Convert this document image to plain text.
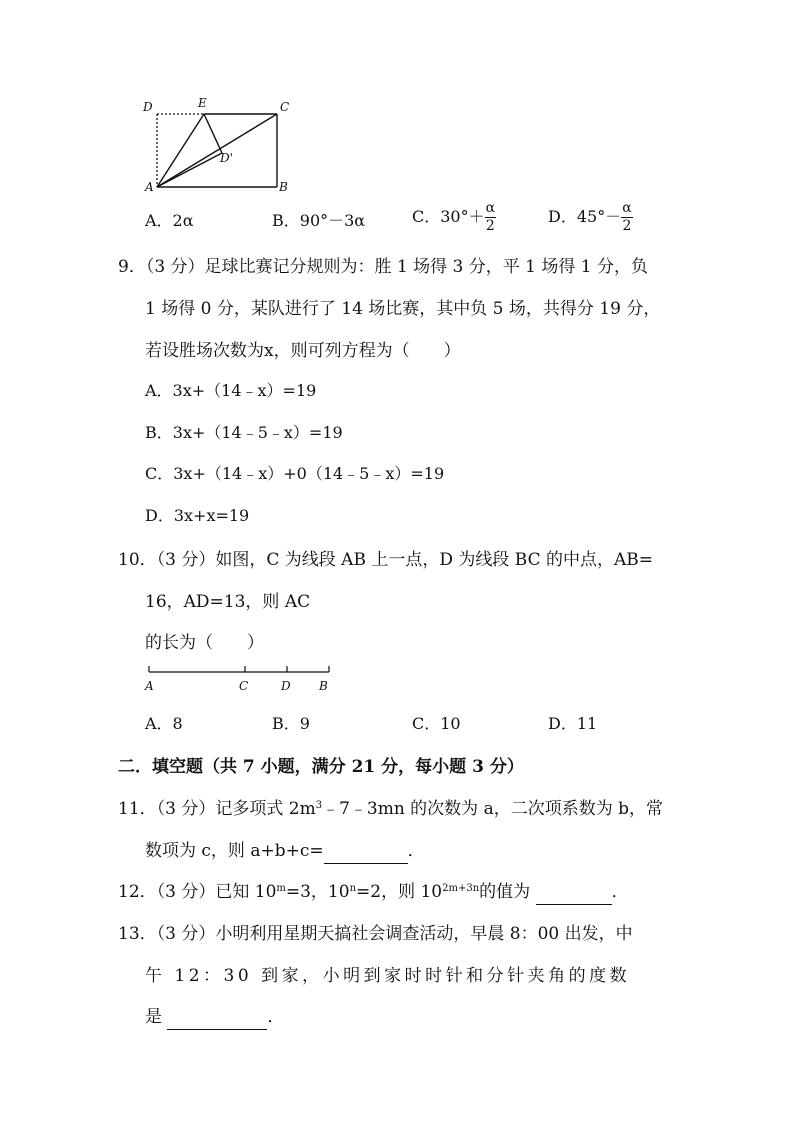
D	E	C
D'
A	B
A．2α	B．90°－3α	C．$30^\circ+ \frac{\alpha}{2}$	D．$45^\circ- \frac{\alpha}{2}$
9．（3 分）足球比赛记分规则为：胜 1 场得 3 分，平 1 场得 1 分，负
1 场得 0 分，某队进行了 14 场比赛，其中负 5 场，共得分 19 分，
若设胜场次数为x，则可列方程为（　　）
A．3x+（14﹣x）=19
B．3x+（14﹣5﹣x）=19
C．3x+（14﹣x）+0（14﹣5﹣x）=19
D．3x+x=19
10．（3 分）如图，C 为线段 AB 上一点，D 为线段 BC 的中点，AB=
16，AD=13，则 AC
的长为（　　）
A	C	D B
A．8	B．9	C．10	D．11
二．填空题（共 7 小题，满分 21 分，每小题 3 分）
11．（3 分）记多项式 $2m^3﹣7﹣3mn$ 的次数为 a，二次项系数为 b，常
数项为 c，则 a+b+c=	．
12．（3 分）已知 $10^m=3$，$10^n=2$，则 $10^{2m+3n}$的值为	．
13．（3 分）小明利用星期天搞社会调查活动，早晨 8：00 出发，中
午 12：30 到家，小明到家时时针和分针夹角的度数
是	．
